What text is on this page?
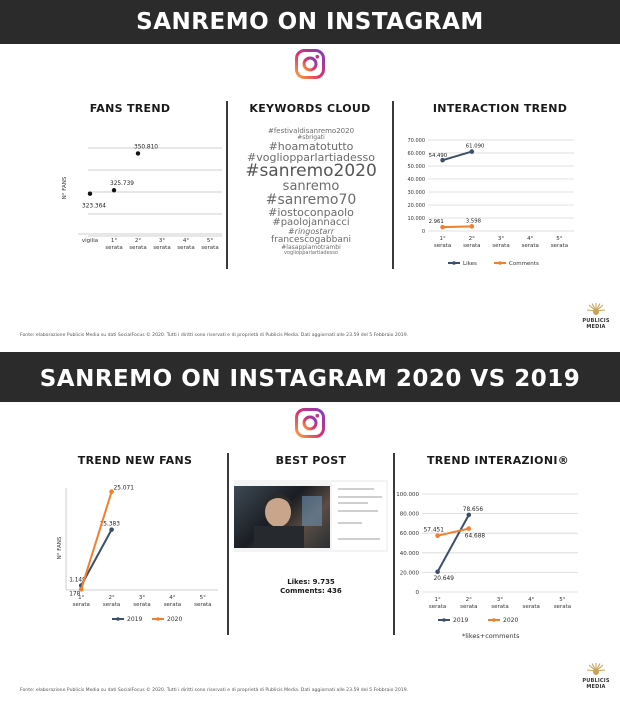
SANREMO ON INSTAGRAM
FANS TREND	KEYWORDS CLOUD	INTERACTION TREND
N° FANS
vigilia 1°
serata
2°
serata
3°
serata
4°
serata
5°
serata
323.364
325.739
350.810
#festivaldisanremo2020
#sbrigati
#hoamatotutto
#vogliopparlartiadesso
#sanremo2020
sanremo
#sanremo70
#iostoconpaolo
#paolojannacci
#ringostarr
francescogabbani
#lasappiamotrambi
vogliopparlartiadesso
0
10.000
20.000
30.000
40.000
50.000
60.000
70.000
1°
serata
2°
serata
3°
serata
4°
serata
5°
serata
54.490
61.090
2.961	3.598
Likes	Comments
Fonte: elaborazione Publicis Media su dati SocialFocus © 2020. Tutti i diritti sono riservati e di proprietà di Publicis Media. Dati aggiornati alle 23.59 del 5 Febbraio 2019.
PUBLICIS
MEDIA
SANREMO ON INSTAGRAM 2020 VS 2019
TREND NEW FANS	BEST POST	TREND INTERAZIONI®
N° FANS
1°
serata
2°
serata
3°
serata
4°
serata
5°
serata
1.149
15.383
178
25.071
2019	2020
Likes: 9.735
Comments: 436	0
20.000
40.000
60.000
80.000
100.000
1°
serata
2°
serata
3°
serata
4°
serata
5°
serata
20.649
78.656
57.451
64.688
2019	2020
*likes+comments
Fonte: elaborazione Publicis Media su dati SocialFocus © 2020. Tutti i diritti sono riservati e di proprietà di Publicis Media. Dati aggiornati alle 23.59 del 5 Febbraio 2019.
PUBLICIS
MEDIA
